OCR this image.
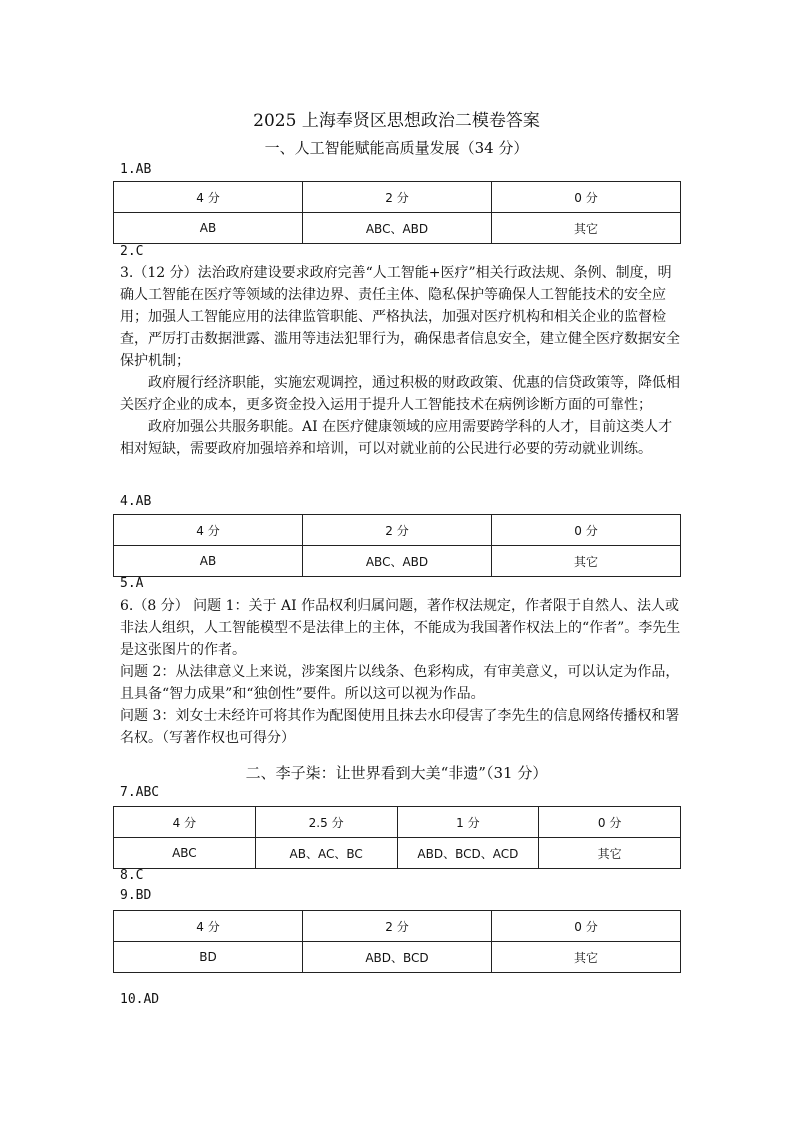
2025 上海奉贤区思想政治二模卷答案
一、人工智能赋能高质量发展（34 分）
1.AB
4 分	2 分	0 分
AB	ABC、ABD	其它
2.C

3.（12 分）法治政府建设要求政府完善“人工智能+医疗”相关行政法规、条例、制度，明确人工智能在医疗等领域的法律边界、责任主体、隐私保护等确保人工智能技术的安全应用；加强人工智能应用的法律监管职能、严格执法，加强对医疗机构和相关企业的监督检查，严厉打击数据泄露、滥用等违法犯罪行为，确保患者信息安全，建立健全医疗数据安全保护机制；

政府履行经济职能，实施宏观调控，通过积极的财政政策、优惠的信贷政策等，降低相关医疗企业的成本，更多资金投入运用于提升人工智能技术在病例诊断方面的可靠性；

政府加强公共服务职能。AI 在医疗健康领域的应用需要跨学科的人才，目前这类人才相对短缺，需要政府加强培养和培训，可以对就业前的公民进行必要的劳动就业训练。

4.AB
4 分	2 分	0 分
AB	ABC、ABD	其它
5.A

6.（8 分） 问题 1：关于 AI 作品权利归属问题，著作权法规定，作者限于自然人、法人或非法人组织，人工智能模型不是法律上的主体，不能成为我国著作权法上的“作者”。李先生是这张图片的作者。

问题 2：从法律意义上来说，涉案图片以线条、色彩构成，有审美意义，可以认定为作品，且具备“智力成果”和“独创性”要件。所以这可以视为作品。

问题 3：刘女士未经许可将其作为配图使用且抹去水印侵害了李先生的信息网络传播权和署名权。（写著作权也可得分）

二、李子柒：让世界看到大美“非遗”（31 分）
7.ABC
4 分	2.5 分	1 分	0 分
ABC	AB、AC、BC	ABD、BCD、ACD	其它
8.C
9.BD
4 分	2 分	0 分
BD	ABD、BCD	其它
10.AD
